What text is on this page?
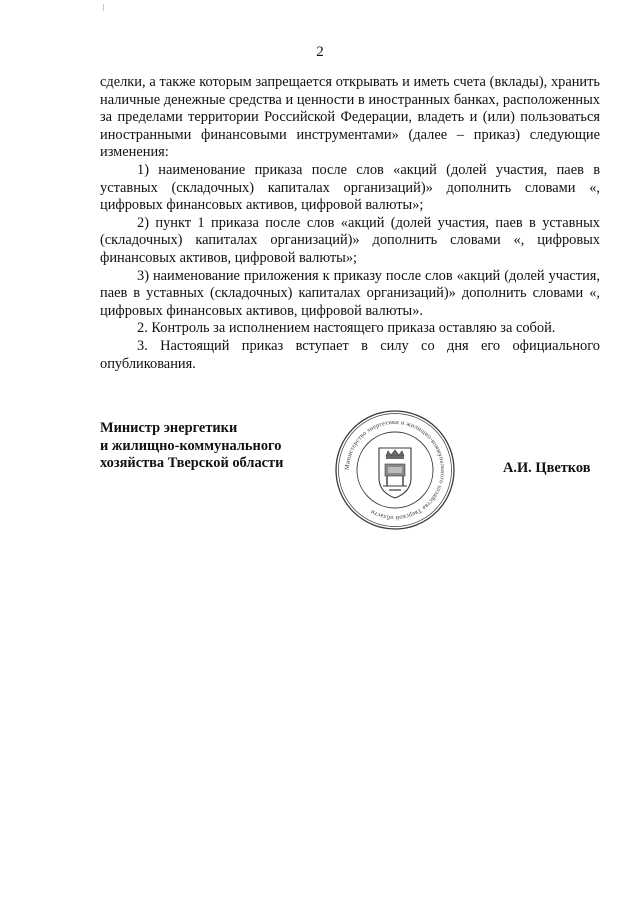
2

сделки, а также которым запрещается открывать и иметь счета (вклады), хранить наличные денежные средства и ценности в иностранных банках, расположенных за пределами территории Российской Федерации, владеть и (или) пользоваться иностранными финансовыми инструментами» (далее – приказ) следующие изменения:

1) наименование приказа после слов «акций (долей участия, паев в уставных (складочных) капиталах организаций)» дополнить словами «, цифровых финансовых активов, цифровой валюты»;

2) пункт 1 приказа после слов «акций (долей участия, паев в уставных (складочных) капиталах организаций)» дополнить словами «, цифровых финансовых активов, цифровой валюты»;

3) наименование приложения к приказу после слов «акций (долей участия, паев в уставных (складочных) капиталах организаций)» дополнить словами «, цифровых финансовых активов, цифровой валюты».

2. Контроль за исполнением настоящего приказа оставляю за собой.

3. Настоящий приказ вступает в силу со дня его официального опубликования.

Министр энергетики
и жилищно-коммунального
хозяйства Тверской области	Министерство энергетики и жилищно-коммунального хозяйства Тверской области
А.И. Цветков
